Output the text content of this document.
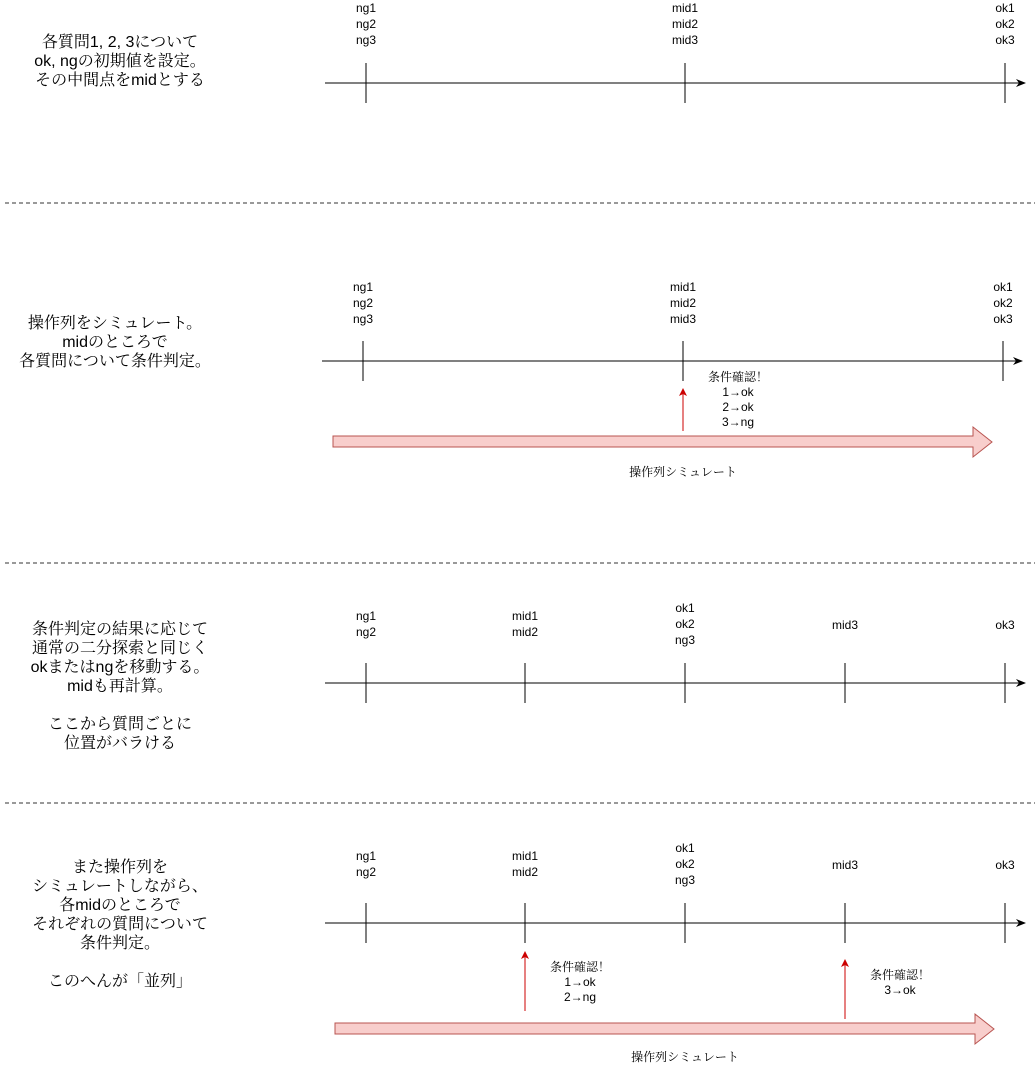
各質問1, 2, 3について
ok, ngの初期値を設定。
その中間点をmidとする
ng1
ng2
ng3
mid1
mid2
mid3
ok1
ok2
ok3
操作列をシミュレート。
midのところで
各質問について条件判定。
ng1
ng2
ng3
mid1
mid2
mid3
ok1
ok2
ok3
条件確認！
1→ok
2→ok
3→ng
操作列シミュレート
条件判定の結果に応じて
通常の二分探索と同じく
okまたはngを移動する。
midも再計算。

ここから質問ごとに
位置がバラける
ng1
ng2
mid1
mid2
ok1
ok2
ng3
mid3	ok3
また操作列を
シミュレートしながら、
各midのところで
それぞれの質問について
条件判定。

このへんが「並列」
ng1
ng2
mid1
mid2
ok1
ok2
ng3
mid3	ok3
条件確認！
1→ok
2→ng
条件確認！
3→ok
操作列シミュレート
